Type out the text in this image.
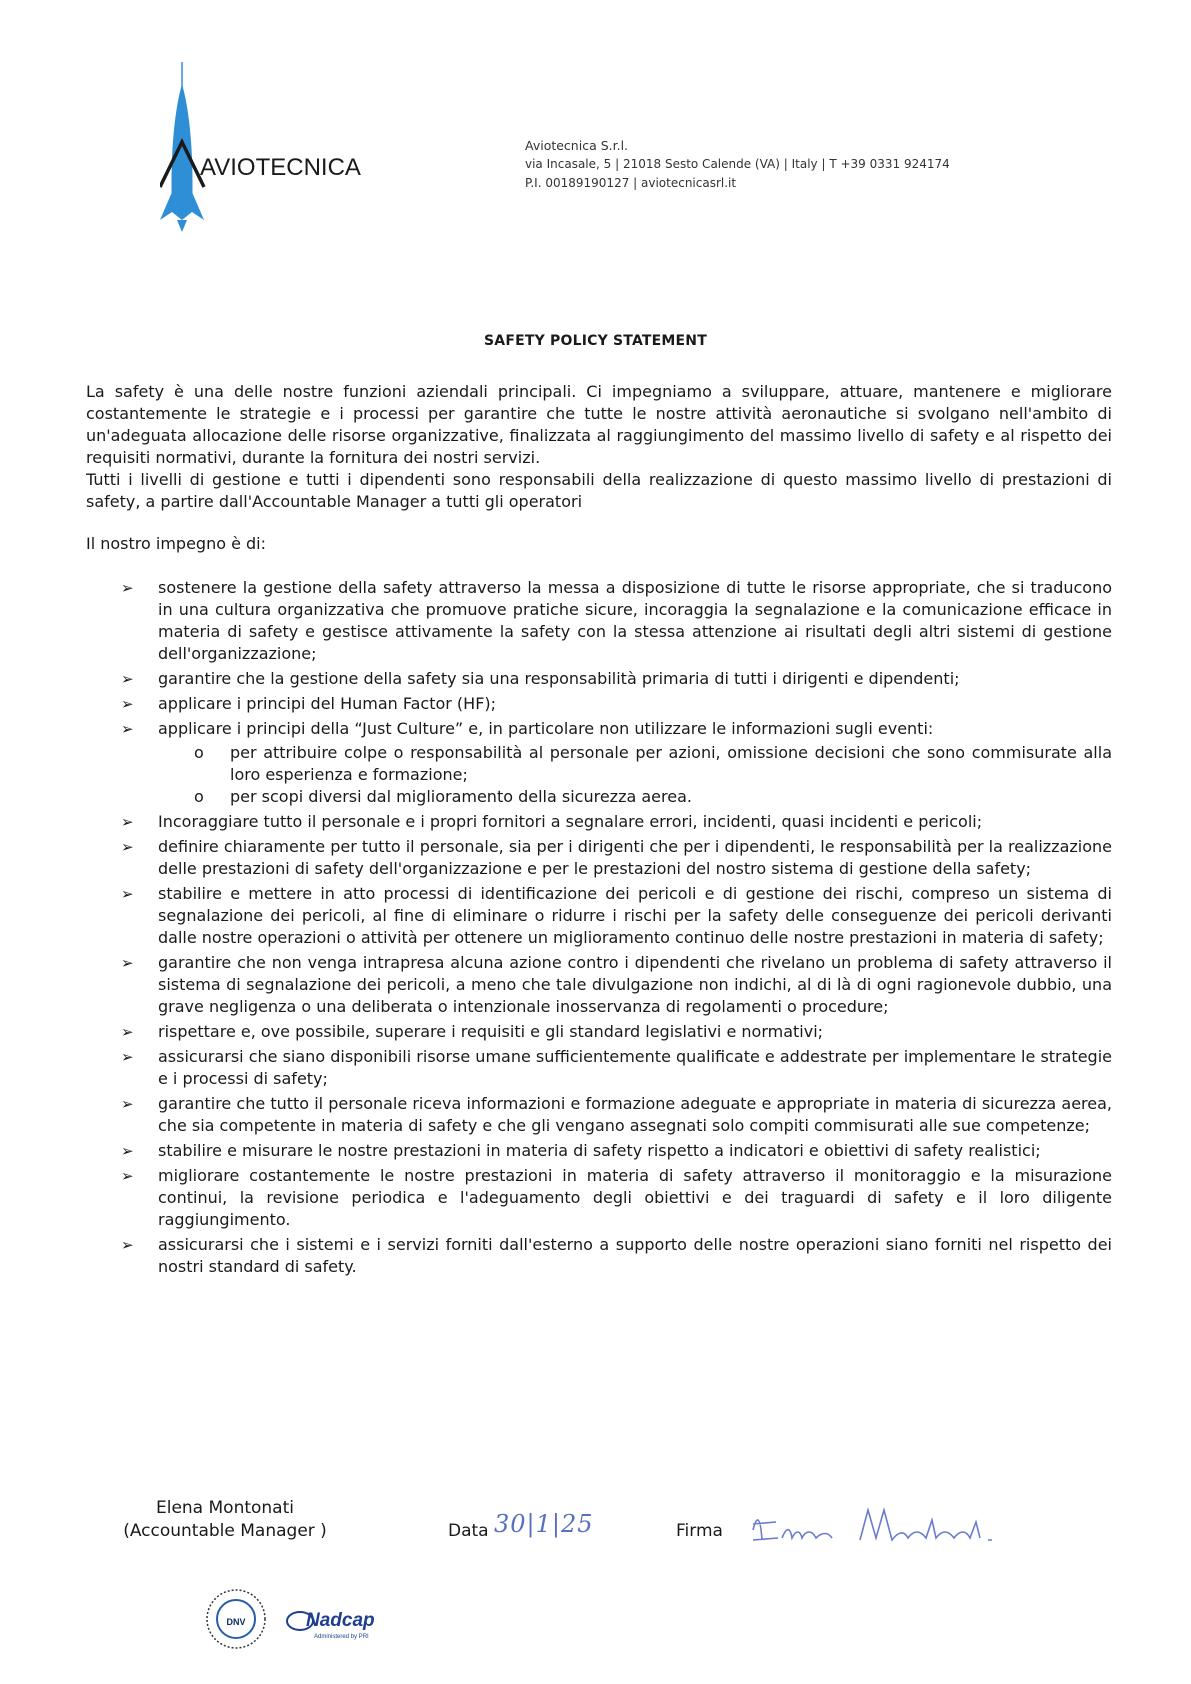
AVIOTECNICA
Aviotecnica S.r.l.
via Incasale, 5 | 21018 Sesto Calende (VA) | Italy | T +39 0331 924174
P.I. 00189190127 | aviotecnicasrl.it
SAFETY POLICY STATEMENT

La safety è una delle nostre funzioni aziendali principali. Ci impegniamo a sviluppare, attuare, mantenere e migliorare costantemente le strategie e i processi per garantire che tutte le nostre attività aeronautiche si svolgano nell'ambito di un'adeguata allocazione delle risorse organizzative, finalizzata al raggiungimento del massimo livello di safety e al rispetto dei requisiti normativi, durante la fornitura dei nostri servizi.

Tutti i livelli di gestione e tutti i dipendenti sono responsabili della realizzazione di questo massimo livello di prestazioni di safety, a partire dall'Accountable Manager a tutti gli operatori

Il nostro impegno è di:
➢ sostenere la gestione della safety attraverso la messa a disposizione di tutte le risorse appropriate, che si traducono in una cultura organizzativa che promuove pratiche sicure, incoraggia la segnalazione e la comunicazione efficace in materia di safety e gestisce attivamente la safety con la stessa attenzione ai risultati degli altri sistemi di gestione dell'organizzazione;
➢ garantire che la gestione della safety sia una responsabilità primaria di tutti i dirigenti e dipendenti;
➢ applicare i principi del Human Factor (HF);
➢ applicare i principi della “Just Culture” e, in particolare non utilizzare le informazioni sugli eventi:
o	per attribuire colpe o responsabilità al personale per azioni, omissione decisioni che sono commisurate alla loro esperienza e formazione;
o	per scopi diversi dal miglioramento della sicurezza aerea.
➢ Incoraggiare tutto il personale e i propri fornitori a segnalare errori, incidenti, quasi incidenti e pericoli;
➢ definire chiaramente per tutto il personale, sia per i dirigenti che per i dipendenti, le responsabilità per la realizzazione delle prestazioni di safety dell'organizzazione e per le prestazioni del nostro sistema di gestione della safety;
➢ stabilire e mettere in atto processi di identificazione dei pericoli e di gestione dei rischi, compreso un sistema di segnalazione dei pericoli, al fine di eliminare o ridurre i rischi per la safety delle conseguenze dei pericoli derivanti dalle nostre operazioni o attività per ottenere un miglioramento continuo delle nostre prestazioni in materia di safety;
➢ garantire che non venga intrapresa alcuna azione contro i dipendenti che rivelano un problema di safety attraverso il sistema di segnalazione dei pericoli, a meno che tale divulgazione non indichi, al di là di ogni ragionevole dubbio, una grave negligenza o una deliberata o intenzionale inosservanza di regolamenti o procedure;
➢ rispettare e, ove possibile, superare i requisiti e gli standard legislativi e normativi;
➢ assicurarsi che siano disponibili risorse umane sufficientemente qualificate e addestrate per implementare le strategie e i processi di safety;
➢ garantire che tutto il personale riceva informazioni e formazione adeguate e appropriate in materia di sicurezza aerea, che sia competente in materia di safety e che gli vengano assegnati solo compiti commisurati alle sue competenze;
➢ stabilire e misurare le nostre prestazioni in materia di safety rispetto a indicatori e obiettivi di safety realistici;
➢ migliorare costantemente le nostre prestazioni in materia di safety attraverso il monitoraggio e la misurazione continui, la revisione periodica e l'adeguamento degli obiettivi e dei traguardi di safety e il loro diligente raggiungimento.
➢ assicurarsi che i sistemi e i servizi forniti dall'esterno a supporto delle nostre operazioni siano forniti nel rispetto dei nostri standard di safety.
Elena Montonati
(Accountable Manager )	Data 30|1|25	Firma
DNV	Nadcap
Administered by PRI
